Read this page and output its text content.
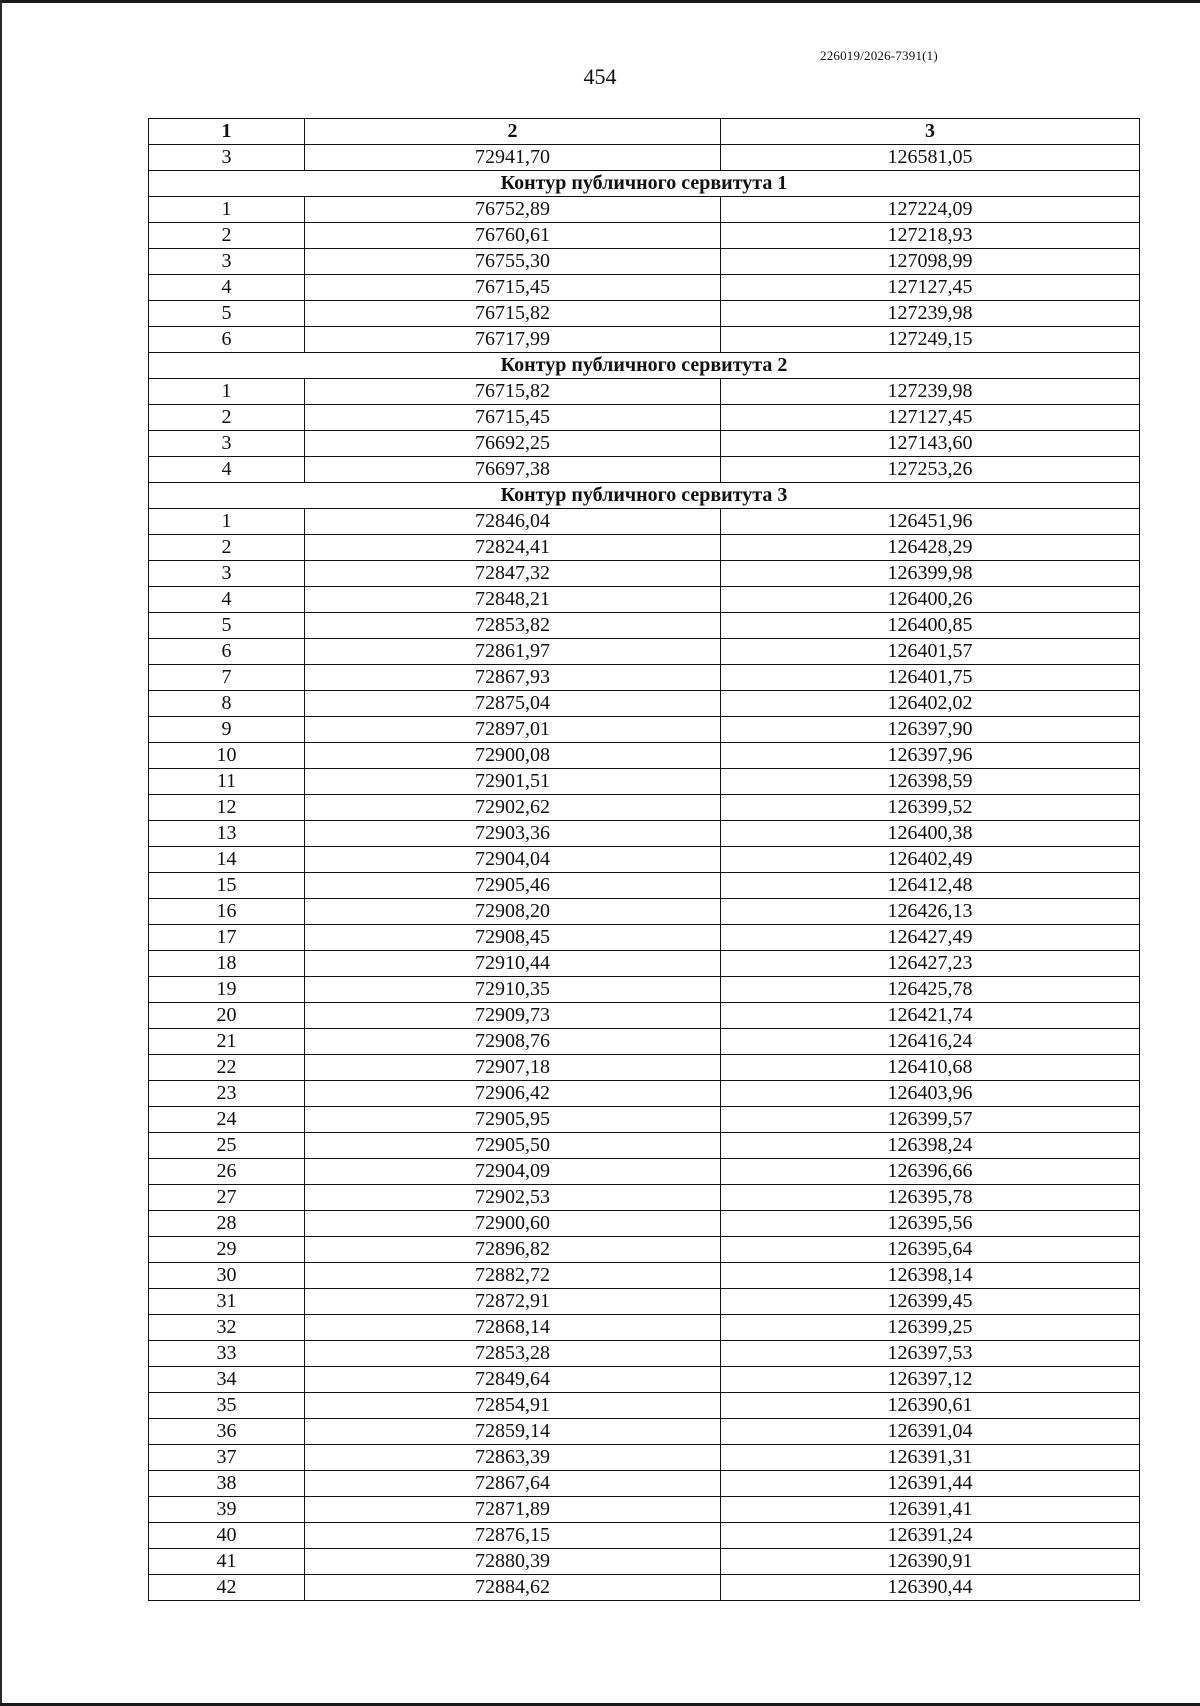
226019/2026-7391(1)
454
1	2	3
3	72941,70	126581,05
Контур публичного сервитута 1		
1	76752,89	127224,09
2	76760,61	127218,93
3	76755,30	127098,99
4	76715,45	127127,45
5	76715,82	127239,98
6	76717,99	127249,15
Контур публичного сервитута 2		
1	76715,82	127239,98
2	76715,45	127127,45
3	76692,25	127143,60
4	76697,38	127253,26
Контур публичного сервитута 3		
1	72846,04	126451,96
2	72824,41	126428,29
3	72847,32	126399,98
4	72848,21	126400,26
5	72853,82	126400,85
6	72861,97	126401,57
7	72867,93	126401,75
8	72875,04	126402,02
9	72897,01	126397,90
10	72900,08	126397,96
11	72901,51	126398,59
12	72902,62	126399,52
13	72903,36	126400,38
14	72904,04	126402,49
15	72905,46	126412,48
16	72908,20	126426,13
17	72908,45	126427,49
18	72910,44	126427,23
19	72910,35	126425,78
20	72909,73	126421,74
21	72908,76	126416,24
22	72907,18	126410,68
23	72906,42	126403,96
24	72905,95	126399,57
25	72905,50	126398,24
26	72904,09	126396,66
27	72902,53	126395,78
28	72900,60	126395,56
29	72896,82	126395,64
30	72882,72	126398,14
31	72872,91	126399,45
32	72868,14	126399,25
33	72853,28	126397,53
34	72849,64	126397,12
35	72854,91	126390,61
36	72859,14	126391,04
37	72863,39	126391,31
38	72867,64	126391,44
39	72871,89	126391,41
40	72876,15	126391,24
41	72880,39	126390,91
42	72884,62	126390,44
